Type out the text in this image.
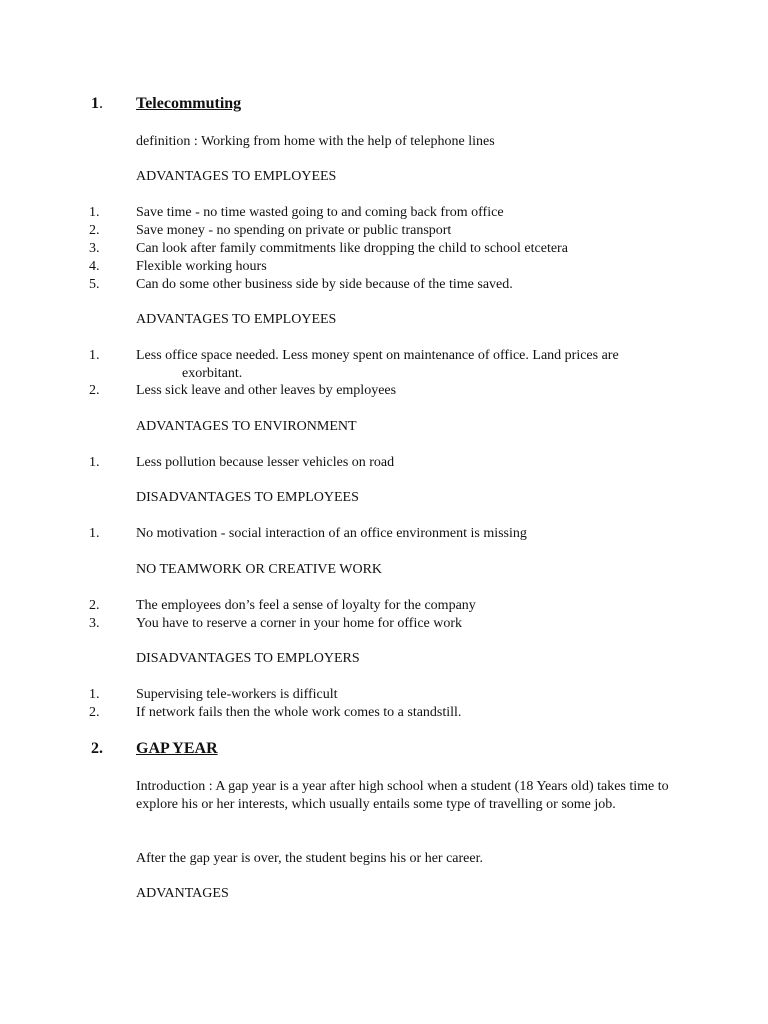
1. Telecommuting
definition : Working from home with the help of telephone lines
ADVANTAGES TO EMPLOYEES
1.	Save time - no time wasted going to and coming back from office
2.	Save money - no spending on private or public transport
3.	Can look after family commitments like dropping the child to school etcetera
4.	Flexible working hours
5.	Can do some other business side by side because of the time saved.
ADVANTAGES TO EMPLOYEES
1.	Less office space needed. Less money spent on maintenance of office. Land prices are
exorbitant.
2.	Less sick leave and other leaves by employees
ADVANTAGES TO ENVIRONMENT
1.	Less pollution because lesser vehicles on road
DISADVANTAGES TO EMPLOYEES
1.	No motivation - social interaction of an office environment is missing
NO TEAMWORK OR CREATIVE WORK
2.	The employees don’s feel a sense of loyalty for the company
3.	You have to reserve a corner in your home for office work
DISADVANTAGES TO EMPLOYERS
1.	Supervising tele-workers is difficult
2.	If network fails then the whole work comes to a standstill.
2. GAP YEAR
Introduction : A gap year is a year after high school when a student (18 Years old) takes time to explore his or her interests, which usually entails some type of travelling or some job.
After the gap year is over, the student begins his or her career.
ADVANTAGES
